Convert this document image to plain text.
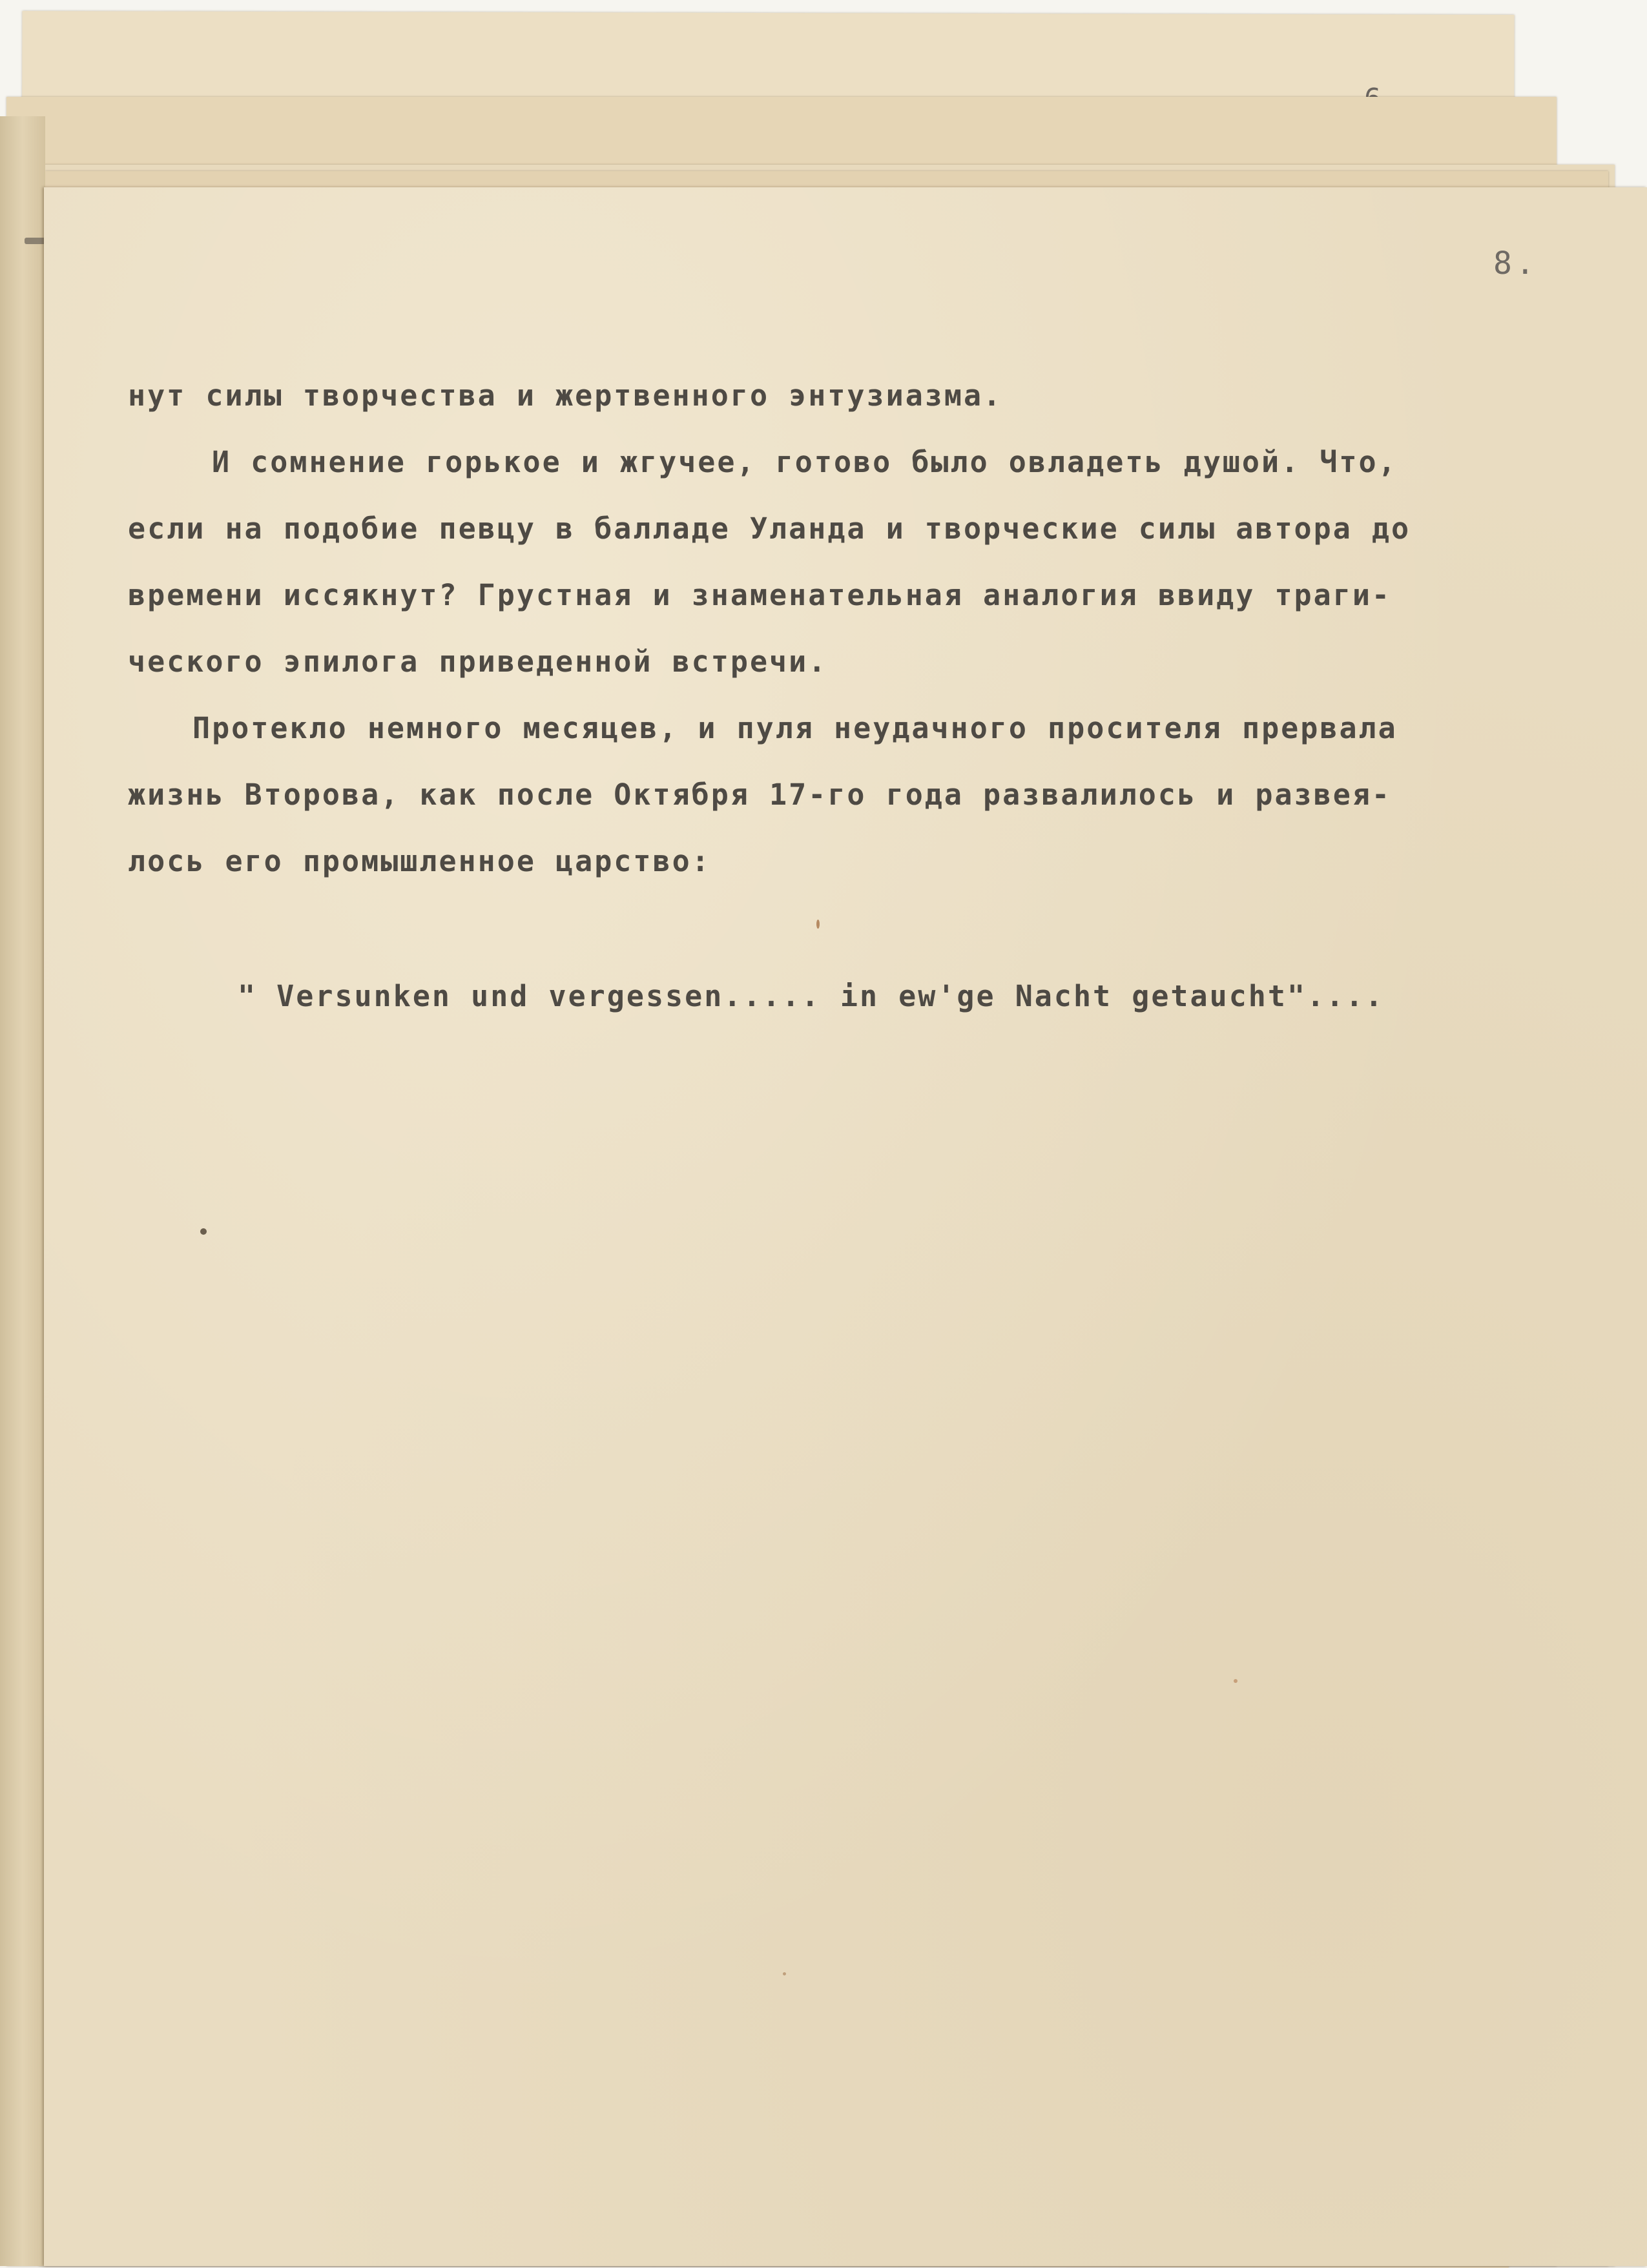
8.

нут силы творчества и жертвенного энтузиазма.

И сомнение горькое и жгучее, готово было овладеть душой. Что,

если на подобие певцу в балладе Уланда и творческие силы автора до

времени иссякнут? Грустная и знаменательная аналогия ввиду траги-

ческого эпилога приведенной встречи.

Протекло немного месяцев, и пуля неудачного просителя прервала

жизнь Второва, как после Октября 17-го года развалилось и развея-

лось его промышленное царство:

" Versunken und vergessen..... in ew'ge Nacht getaucht"....
